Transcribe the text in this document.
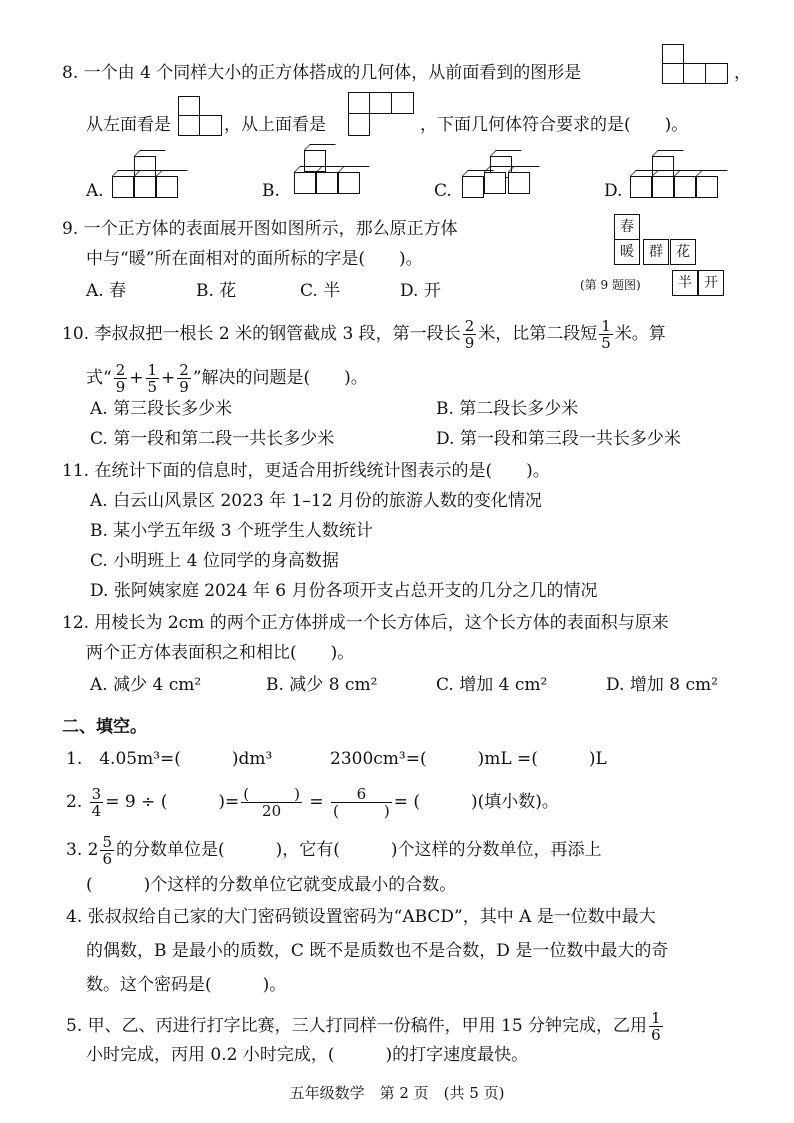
8. 一个由 4 个同样大小的正方体搭成的几何体，从前面看到的图形是	，
从左面看是	，从上面看是	，下面几何体符合要求的是(　　)。
A.	B.	C.	D.
9. 一个正方体的表面展开图如图所示，那么原正方体
中与“暖”所在面相对的面所标的字是(　　)。
A. 春	B. 花	C. 半	D. 开
春
暖	群 花
半 开
(第 9 题图)
10. 李叔叔把一根长 2 米的钢管截成 3 段，第一段长 $\frac{2}{9}$ 米，比第二段短 $\frac{1}{5}$ 米。算
式“ $\frac{2}{9} + \frac{1}{5} + \frac{2}{9}$ ”解决的问题是(　　)。
A. 第三段长多少米	B. 第二段长多少米
C. 第一段和第二段一共长多少米	D. 第一段和第三段一共长多少米
11. 在统计下面的信息时，更适合用折线统计图表示的是(　　)。
A. 白云山风景区 2023 年 1–12 月份的旅游人数的变化情况
B. 某小学五年级 3 个班学生人数统计
C. 小明班上 4 位同学的身高数据
D. 张阿姨家庭 2024 年 6 月份各项开支占总开支的几分之几的情况
12. 用棱长为 2cm 的两个正方体拼成一个长方体后，这个长方体的表面积与原来
两个正方体表面积之和相比(　　)。
A. 减少 4 cm²	B. 减少 8 cm²	C. 增加 4 cm²	D. 增加 8 cm²
二、填空。
1.　4.05m³=(　　　)dm³	2300cm³=(　　　)mL =(　　　)L
2. $\frac{3}{4} = 9$ ÷ (　　　)= $\frac{( )}{20} = \frac{6}{( )}$ = (　　　)(填小数)。
3. $2 \frac{5}{6}$ 的分数单位是(　　　)，它有(　　　)个这样的分数单位，再添上
(　　　)个这样的分数单位它就变成最小的合数。
4. 张叔叔给自己家的大门密码锁设置密码为“ABCD”，其中 A 是一位数中最大
的偶数，B 是最小的质数，C 既不是质数也不是合数，D 是一位数中最大的奇
数。这个密码是(　　　)。
5. 甲、乙、丙进行打字比赛，三人打同样一份稿件，甲用 15 分钟完成，乙用 $\frac{1}{6}$
小时完成，丙用 0.2 小时完成，(　　　)的打字速度最快。
五年级数学　第 2 页　(共 5 页)
